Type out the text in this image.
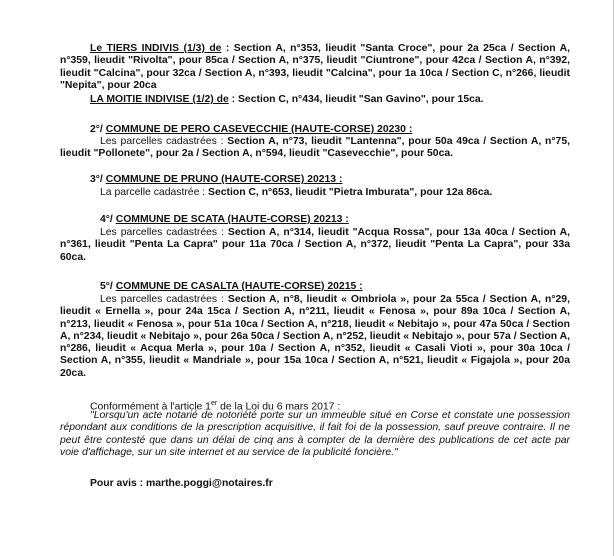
Le TIERS INDIVIS (1/3) de : Section A, n°353, lieudit "Santa Croce", pour 2a 25ca / Section A, n°359, lieudit "Rivolta", pour 85ca / Section A, n°375, lieudit "Ciuntrone", pour 42ca / Section A, n°392, lieudit "Calcina", pour 32ca / Section A, n°393, lieudit "Calcina", pour 1a 10ca / Section C, n°266, lieudit "Nepita", pour 20ca
LA MOITIE INDIVISE (1/2) de : Section C, n°434, lieudit "San Gavino", pour 15ca.
2°/ COMMUNE DE PERO CASEVECCHIE (HAUTE-CORSE) 20230 :
Les parcelles cadastrées : Section A, n°73, lieudit "Lantenna", pour 50a 49ca / Section A, n°75, lieudit "Pollonete", pour 2a / Section A, n°594, lieudit "Casevecchie", pour 50ca.
3°/ COMMUNE DE PRUNO (HAUTE-CORSE) 20213 :
La parcelle cadastrée : Section C, n°653, lieudit "Pietra Imburata", pour 12a 86ca.
4°/ COMMUNE DE SCATA (HAUTE-CORSE) 20213 :
Les parcelles cadastrées : Section A, n°314, lieudit "Acqua Rossa", pour 13a 40ca / Section A, n°361, lieudit "Penta La Capra" pour 11a 70ca / Section A, n°372, lieudit "Penta La Capra", pour 33a 60ca.
5°/ COMMUNE DE CASALTA (HAUTE-CORSE) 20215 :
Les parcelles cadastrées : Section A, n°8, lieudit « Ombriola », pour 2a 55ca / Section A, n°29, lieudit « Ernella », pour 24a 15ca / Section A, n°211, lieudit « Fenosa », pour 89a 10ca / Section A, n°213, lieudit « Fenosa », pour 51a 10ca / Section A, n°218, lieudit « Nebitajo », pour 47a 50ca / Section A, n°234, lieudit « Nebitajo », pour 26a 50ca / Section A, n°252, lieudit « Nebitajo », pour 57a / Section A, n°286, lieudit « Acqua Merla », pour 10a / Section A, n°352, lieudit « Casali Vioti », pour 30a 10ca / Section A, n°355, lieudit « Mandriale », pour 15a 10ca / Section A, n°521, lieudit « Figajola », pour 20a 20ca.
Conformément à l'article 1er de la Loi du 6 mars 2017 :
"Lorsqu'un acte notarié de notoriété porte sur un immeuble situé en Corse et constate une possession répondant aux conditions de la prescription acquisitive, il fait foi de la possession, sauf preuve contraire. Il ne peut être contesté que dans un délai de cinq ans à compter de la dernière des publications de cet acte par voie d'affichage, sur un site internet et au service de la publicité foncière."
Pour avis : marthe.poggi@notaires.fr
